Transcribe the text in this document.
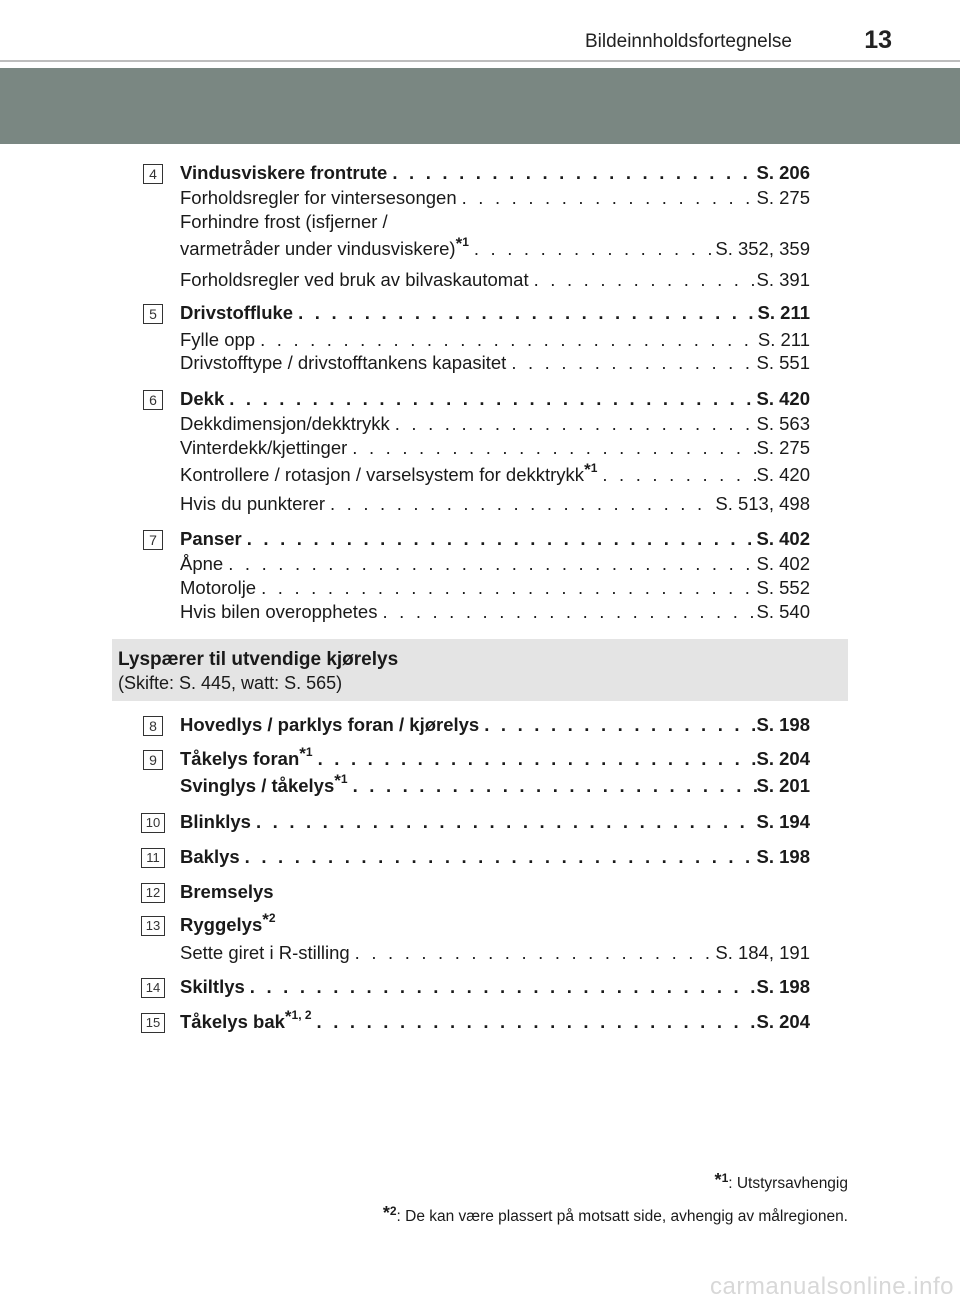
Bildeinnholdsfortegnelse	13
Lyspærer til utvendige kjørelys
(Skifte: S. 445, watt: S. 565)
4	Vindusviskere frontrute . . .	S. 206
Forholdsregler for vintersesongen . . .	S. 275
Forhindre frost (isfjerner /
varmetråder under vindusviskere)$^{*1}$ . . .	S. 352, 359
Forholdsregler ved bruk av bilvaskautomat . . .	S. 391
5	Drivstoffluke . . .	S. 211
Fylle opp . . .	S. 211
Drivstofftype / drivstofftankens kapasitet . . .	S. 551
6	Dekk . . .	S. 420
Dekkdimensjon/dekktrykk . . .	S. 563
Vinterdekk/kjettinger . . .	S. 275
Kontrollere / rotasjon / varselsystem for dekktrykk$^{*1}$ . . .	S. 420
Hvis du punkterer . . .	S. 513, 498
7	Panser . . .	S. 402
Åpne . . .	S. 402
Motorolje . . .	S. 552
Hvis bilen overopphetes . . .	S. 540
8	Hovedlys / parklys foran / kjørelys . . .	S. 198
9	Tåkelys foran$^{*1}$ . . .	S. 204
Svinglys / tåkelys$^{*1}$ . . .	S. 201
10 Blinklys . . .	S. 194
11 Baklys . . .	S. 198
12 Bremselys
13 Ryggelys$^{*2}$
Sette giret i R-stilling . . .	S. 184, 191
14 Skiltlys . . .	S. 198
15 Tåkelys bak$^{*1, 2}$ . . .	S. 204
$^{*1}$: Utstyrsavhengig
$^{*2}$: De kan være plassert på motsatt side, avhengig av målregionen.
carmanualsonline.info
